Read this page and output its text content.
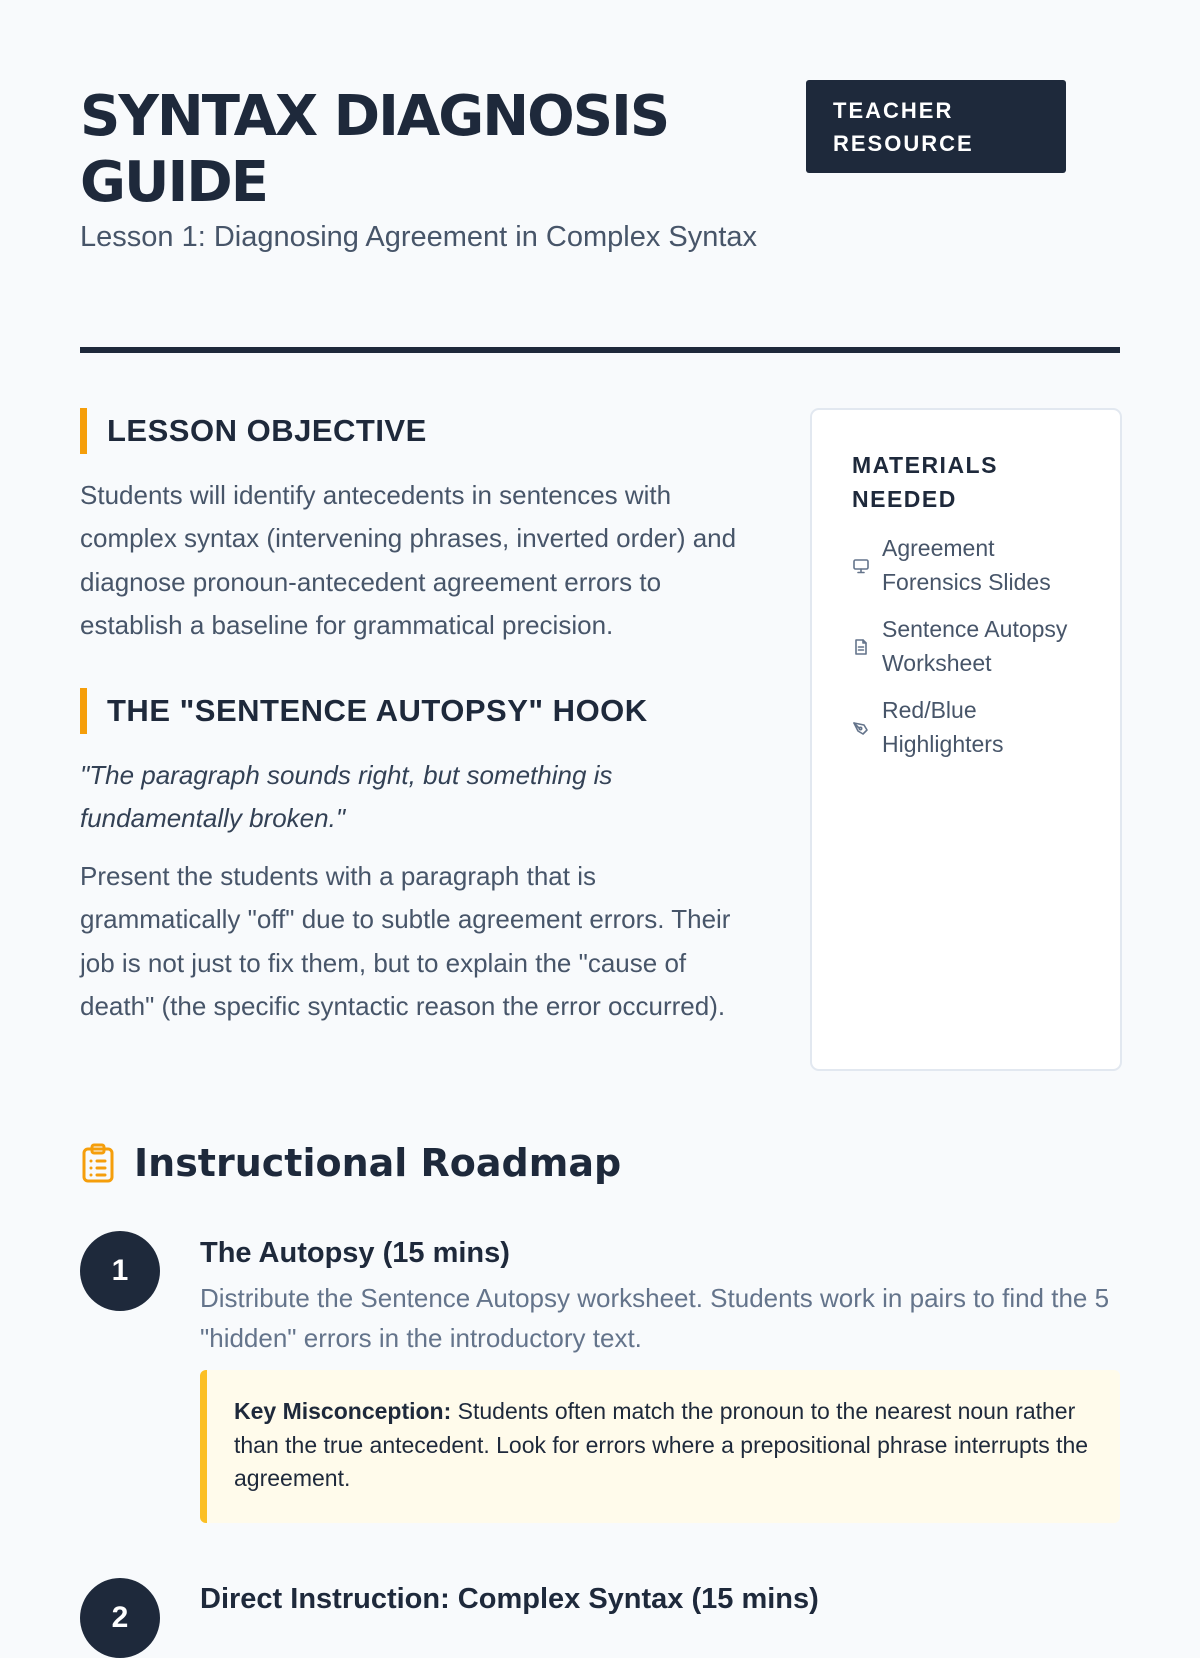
SYNTAX DIAGNOSIS GUIDE

Lesson 1: Diagnosing Agreement in Complex Syntax

TEACHER RESOURCE
LESSON OBJECTIVE

Students will identify antecedents in sentences with complex syntax (intervening phrases, inverted order) and diagnose pronoun-antecedent agreement errors to establish a baseline for grammatical precision.

THE "SENTENCE AUTOPSY" HOOK

"The paragraph sounds right, but something is fundamentally broken."

Present the students with a paragraph that is grammatically "off" due to subtle agreement errors. Their job is not just to fix them, but to explain the "cause of death" (the specific syntactic reason the error occurred).

MATERIALS NEEDED
Agreement Forensics Slides
Sentence Autopsy Worksheet
Red/Blue Highlighters
Instructional Roadmap
1
The Autopsy (15 mins)

Distribute the Sentence Autopsy worksheet. Students work in pairs to find the 5 "hidden" errors in the introductory text.

Key Misconception: Students often match the pronoun to the nearest noun rather than the true antecedent. Look for errors where a prepositional phrase interrupts the agreement.
2
Direct Instruction: Complex Syntax (15 mins)
